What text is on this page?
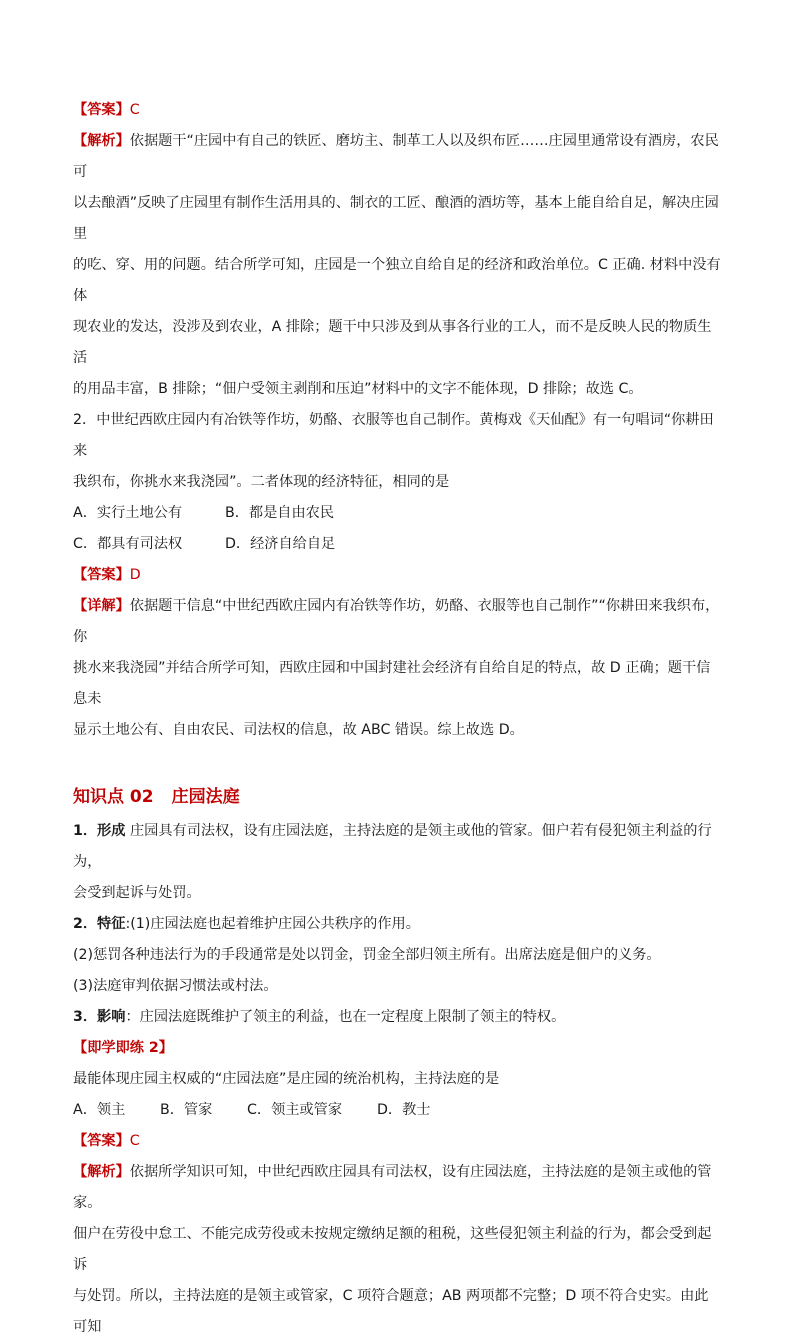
【答案】C

【解析】依据题干“庄园中有自己的铁匠、磨坊主、制革工人以及织布匠……庄园里通常设有酒房，农民可

以去酿酒”反映了庄园里有制作生活用具的、制衣的工匠、酿酒的酒坊等，基本上能自给自足，解决庄园里

的吃、穿、用的问题。结合所学可知，庄园是一个独立自给自足的经济和政治单位。C 正确. 材料中没有体

现农业的发达，没涉及到农业，A 排除；题干中只涉及到从事各行业的工人，而不是反映人民的物质生活

的用品丰富，B 排除；“佃户受领主剥削和压迫”材料中的文字不能体现，D 排除；故选 C。

2．中世纪西欧庄园内有冶铁等作坊，奶酪、衣服等也自己制作。黄梅戏《天仙配》有一句唱词“你耕田来

我织布，你挑水来我浇园”。二者体现的经济特征，相同的是

A．实行土地公有	B．都是自由农民

C．都具有司法权	D．经济自给自足

【答案】D

【详解】依据题干信息“中世纪西欧庄园内有冶铁等作坊，奶酪、衣服等也自己制作”“你耕田来我织布，你

挑水来我浇园”并结合所学可知，西欧庄园和中国封建社会经济有自给自足的特点，故 D 正确；题干信息未

显示土地公有、自由农民、司法权的信息，故 ABC 错误。综上故选 D。

知识点 02 庄园法庭

1．形成 庄园具有司法权，设有庄园法庭，主持法庭的是领主或他的管家。佃户若有侵犯领主利益的行为，

会受到起诉与处罚。

2．特征:(1)庄园法庭也起着维护庄园公共秩序的作用。

(2)惩罚各种违法行为的手段通常是处以罚金，罚金全部归领主所有。出席法庭是佃户的义务。

(3)法庭审判依据习惯法或村法。

3．影响：庄园法庭既维护了领主的利益，也在一定程度上限制了领主的特权。

【即学即练 2】

最能体现庄园主权威的“庄园法庭”是庄园的统治机构，主持法庭的是

A．领主	B．管家	C．领主或管家	D．教士

【答案】C

【解析】依据所学知识可知，中世纪西欧庄园具有司法权，设有庄园法庭，主持法庭的是领主或他的管家。

佃户在劳役中怠工、不能完成劳役或未按规定缴纳足额的租税，这些侵犯领主利益的行为，都会受到起诉

与处罚。所以，主持法庭的是领主或管家，C 项符合题意；AB 两项都不完整；D 项不符合史实。由此可知
